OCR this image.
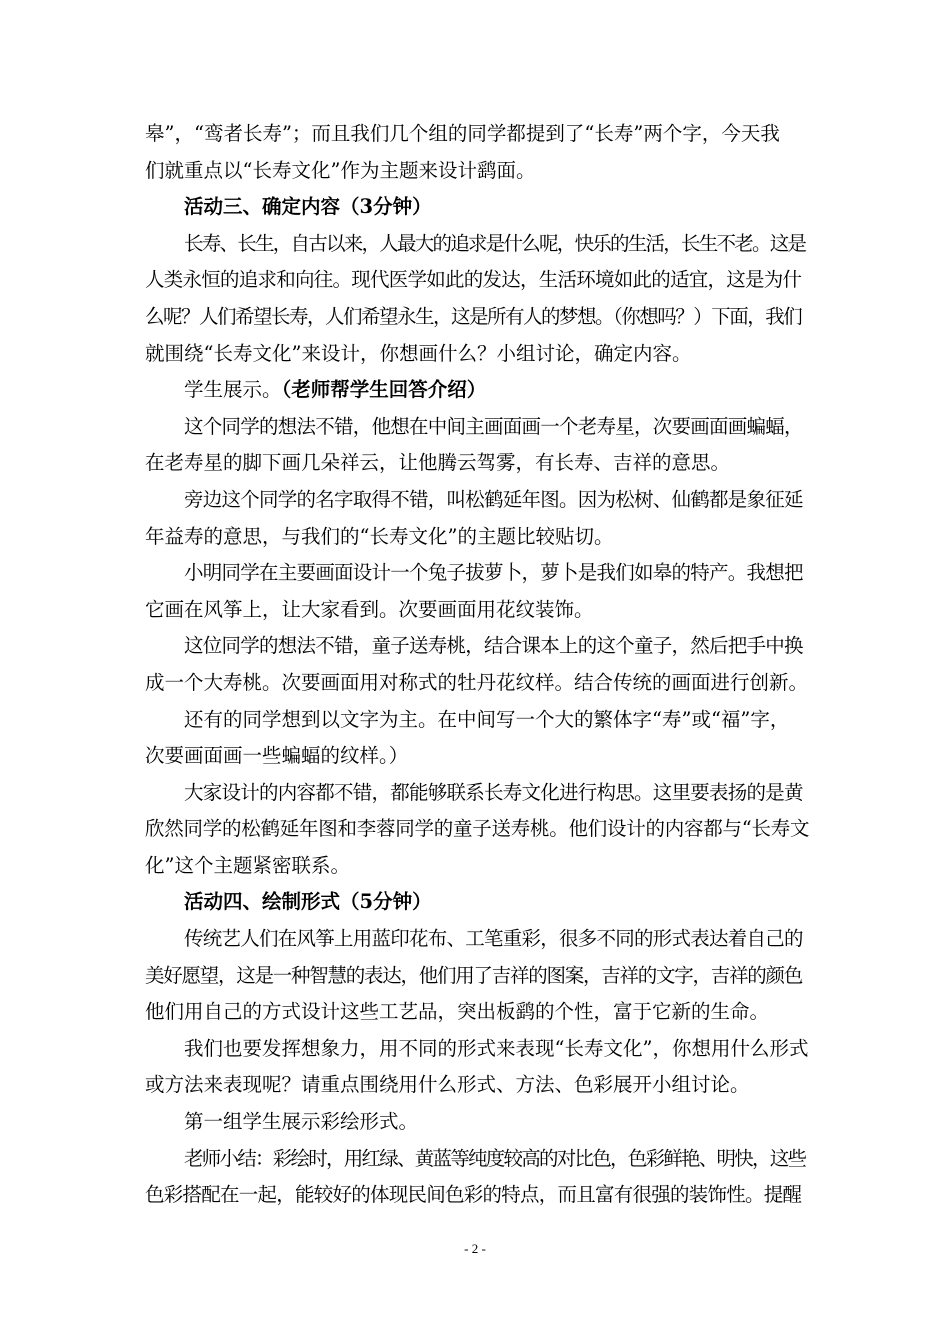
皋”，“鸾者长寿”；而且我们几个组的同学都提到了“长寿”两个字，今天我
们就重点以“长寿文化”作为主题来设计鹞面。
活动三、确定内容（3分钟）
长寿、长生，自古以来，人最大的追求是什么呢，快乐的生活，长生不老。这是
人类永恒的追求和向往。现代医学如此的发达，生活环境如此的适宜，这是为什
么呢？人们希望长寿，人们希望永生，这是所有人的梦想。（你想吗？）下面，我们
就围绕“长寿文化”来设计，你想画什么？小组讨论，确定内容。
学生展示。（老师帮学生回答介绍）
这个同学的想法不错，他想在中间主画面画一个老寿星，次要画面画蝙蝠，
在老寿星的脚下画几朵祥云，让他腾云驾雾，有长寿、吉祥的意思。
旁边这个同学的名字取得不错，叫松鹤延年图。因为松树、仙鹤都是象征延
年益寿的意思，与我们的“长寿文化”的主题比较贴切。
小明同学在主要画面设计一个兔子拔萝卜，萝卜是我们如皋的特产。我想把
它画在风筝上，让大家看到。次要画面用花纹装饰。
这位同学的想法不错，童子送寿桃，结合课本上的这个童子，然后把手中换
成一个大寿桃。次要画面用对称式的牡丹花纹样。结合传统的画面进行创新。
还有的同学想到以文字为主。在中间写一个大的繁体字“寿”或“福”字，
次要画面画一些蝙蝠的纹样。）
大家设计的内容都不错，都能够联系长寿文化进行构思。这里要表扬的是黄
欣然同学的松鹤延年图和李蓉同学的童子送寿桃。他们设计的内容都与“长寿文
化”这个主题紧密联系。
活动四、绘制形式（5分钟）
传统艺人们在风筝上用蓝印花布、工笔重彩，很多不同的形式表达着自己的
美好愿望，这是一种智慧的表达，他们用了吉祥的图案，吉祥的文字，吉祥的颜色
他们用自己的方式设计这些工艺品，突出板鹞的个性，富于它新的生命。
我们也要发挥想象力，用不同的形式来表现“长寿文化”，你想用什么形式
或方法来表现呢？请重点围绕用什么形式、方法、色彩展开小组讨论。
第一组学生展示彩绘形式。
老师小结：彩绘时，用红绿、黄蓝等纯度较高的对比色，色彩鲜艳、明快，这些
色彩搭配在一起，能较好的体现民间色彩的特点，而且富有很强的装饰性。提醒
- 2 -
